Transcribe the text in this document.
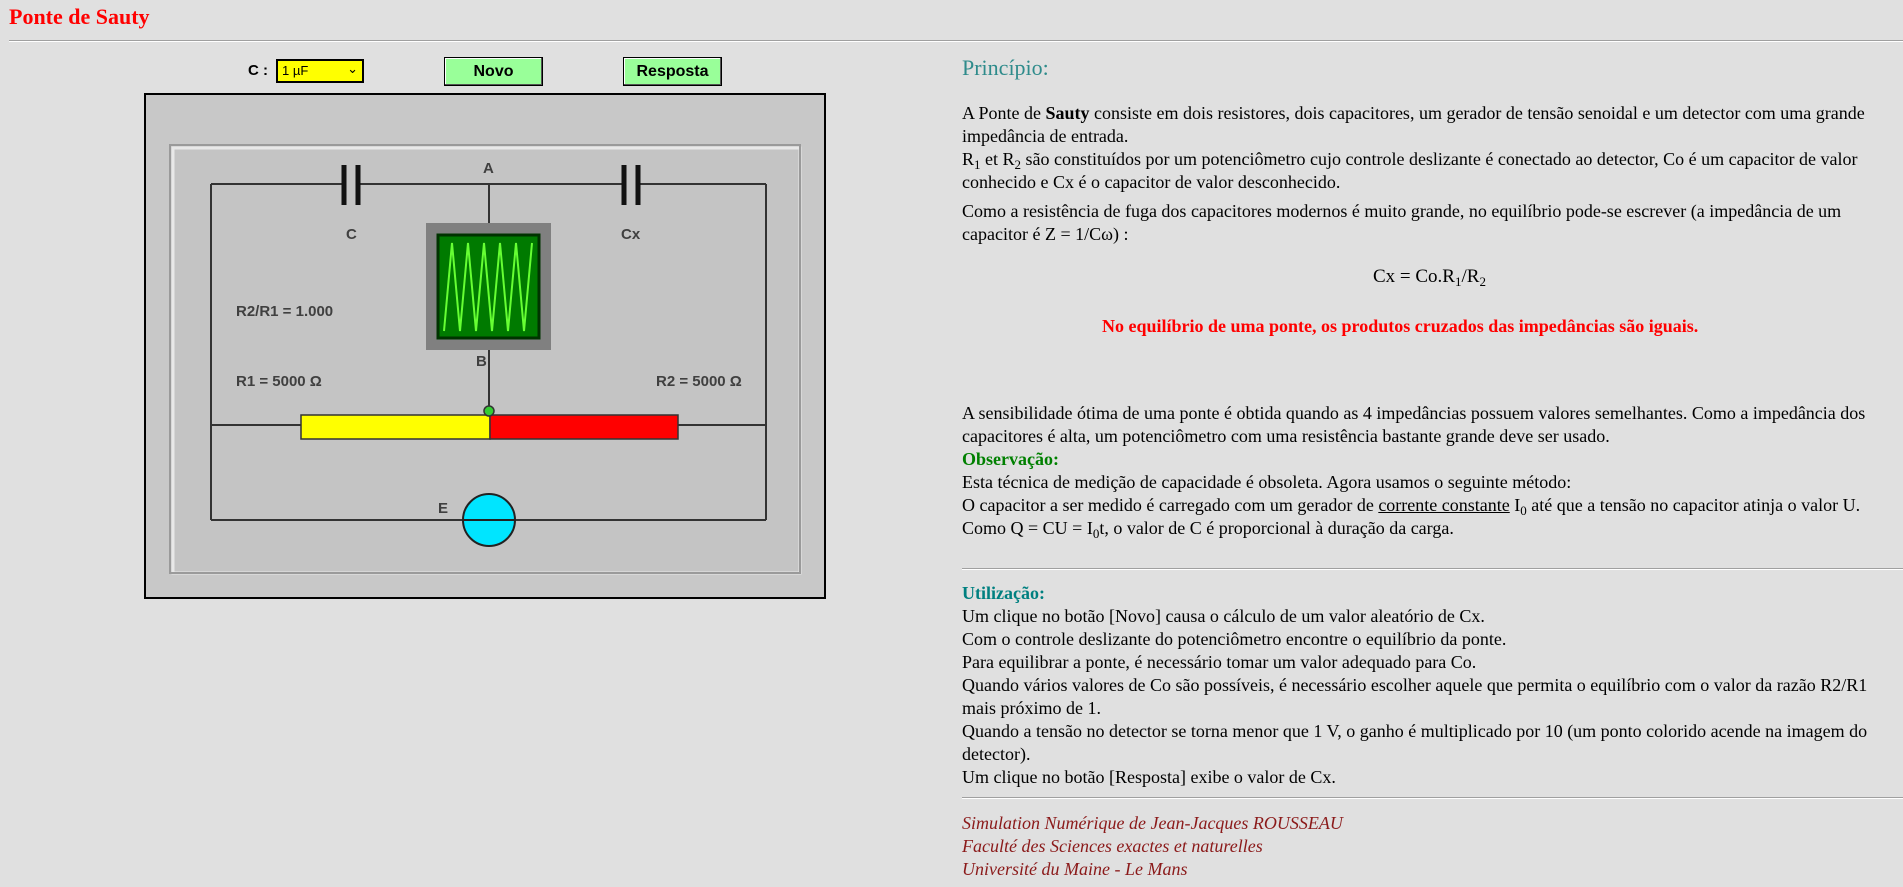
Ponte de Sauty
C : 1 µF	⌄	Novo	Resposta
A
B
C	Cx
E
R2/R1 = 1.000
R1 = 5000 Ω	R2 = 5000 Ω
Princípio:
A Ponte de Sauty consiste em dois resistores, dois capacitores, um gerador de tensão senoidal e um detector com uma grande impedância de entrada.
$R_1$ et $R_2$ são constituídos por um potenciômetro cujo controle deslizante é conectado ao detector, Co é um capacitor de valor conhecido e Cx é o capacitor de valor desconhecido.
Como a resistência de fuga dos capacitores modernos é muito grande, no equilíbrio pode-se escrever (a impedância de um capacitor é Z = 1/Cω) :
$Cx = Co.R_1/R_2$
No equilíbrio de uma ponte, os produtos cruzados das impedâncias são iguais.
A sensibilidade ótima de uma ponte é obtida quando as 4 impedâncias possuem valores semelhantes. Como a impedância dos capacitores é alta, um potenciômetro com uma resistência bastante grande deve ser usado.
Observação:
Esta técnica de medição de capacidade é obsoleta. Agora usamos o seguinte método:
O capacitor a ser medido é carregado com um gerador de corrente constante $I_0$ até que a tensão no capacitor atinja o valor U. Como Q = CU = $I_0t$, o valor de C é proporcional à duração da carga.
Utilização:
Um clique no botão [Novo] causa o cálculo de um valor aleatório de Cx.
Com o controle deslizante do potenciômetro encontre o equilíbrio da ponte.
Para equilibrar a ponte, é necessário tomar um valor adequado para Co.
Quando vários valores de Co são possíveis, é necessário escolher aquele que permita o equilíbrio com o valor da razão R2/R1 mais próximo de 1.
Quando a tensão no detector se torna menor que 1 V, o ganho é multiplicado por 10 (um ponto colorido acende na imagem do detector).
Um clique no botão [Resposta] exibe o valor de Cx.
Simulation Numérique de Jean-Jacques ROUSSEAU
Faculté des Sciences exactes et naturelles
Université du Maine - Le Mans
